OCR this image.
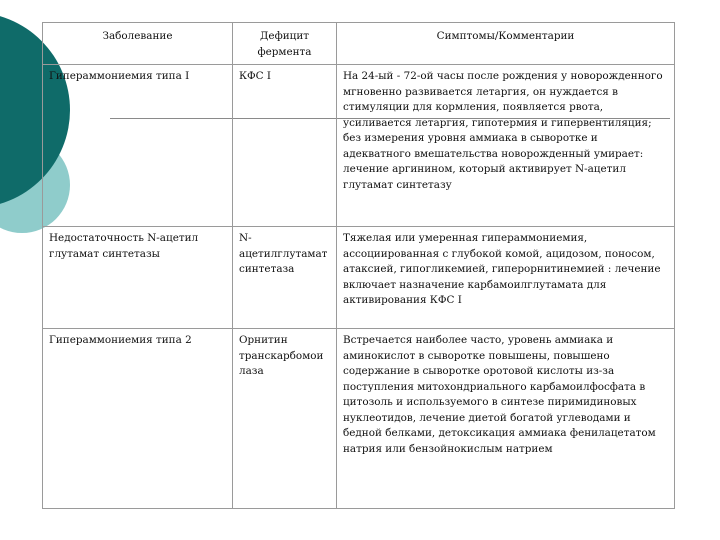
Заболевание	Дефицит фермента	Симптомы/Комментарии
Гипераммониемия типа I	КФС I	На 24-ый - 72-ой часы после рождения у новорожденного мгновенно развивается летаргия, он нуждается в стимуляции для кормления, появляется рвота, усиливается летаргия, гипотермия и гипервентиляция; без измерения уровня аммиака в сыворотке и адекватного вмешательства новорожденный умирает: лечение аргинином, который активирует N-ацетил глутамат синтетазу
Недостаточность N-ацетил глутамат синтетазы	N-ацетилглутамат синтетаза	Тяжелая или умеренная гипераммониемия, ассоциированная с глубокой комой, ацидозом, поносом, атаксией, гипогликемией, гиперорнитинемией : лечение включает назначение карбамоилглутамата для активирования КФС I
Гипераммониемия типа 2	Орнитин транскарбомоилаза	Встречается наиболее часто, уровень аммиака и аминокислот в сыворотке повышены, повышено содержание в сыворотке оротовой кислоты из-за поступления митохондриального карбамоилфосфата в цитозоль и используемого в синтезе пиримидиновых нуклеотидов, лечение диетой богатой углеводами и бедной белками, детоксикация аммиака фенилацетатом натрия или бензойнокислым натрием
